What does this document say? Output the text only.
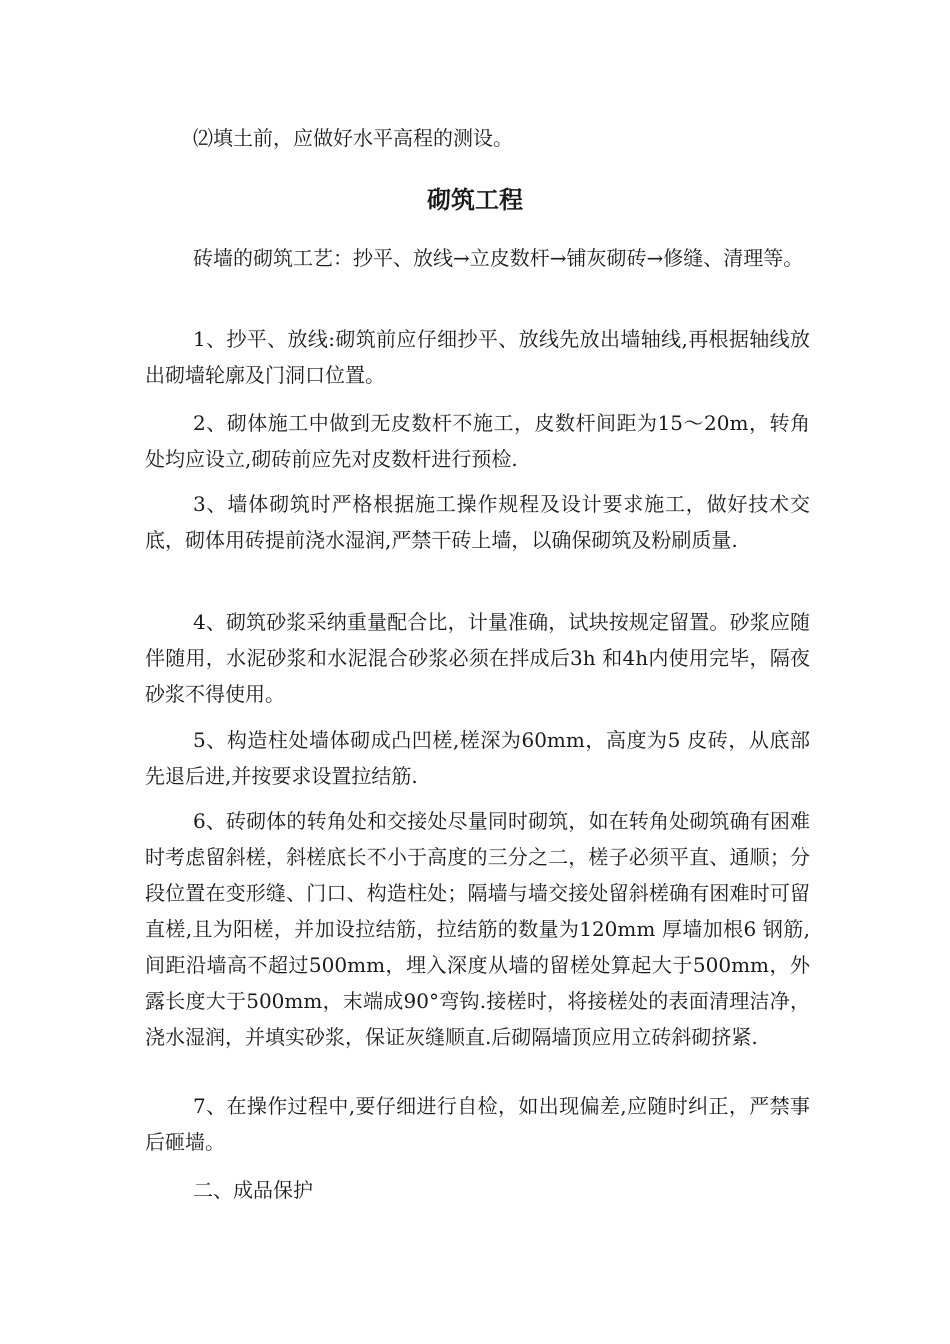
⑵填土前，应做好水平高程的测设。

砌筑工程

砖墙的砌筑工艺：抄平、放线→立皮数杆→铺灰砌砖→修缝、清理等。

1、抄平、放线:砌筑前应仔细抄平、放线先放出墙轴线,再根据轴线放出砌墙轮廓及门洞口位置。

2、砌体施工中做到无皮数杆不施工，皮数杆间距为15～20m，转角处均应设立,砌砖前应先对皮数杆进行预检.

3、墙体砌筑时严格根据施工操作规程及设计要求施工，做好技术交底，砌体用砖提前浇水湿润,严禁干砖上墙，以确保砌筑及粉刷质量.

4、砌筑砂浆采纳重量配合比，计量准确，试块按规定留置。砂浆应随伴随用，水泥砂浆和水泥混合砂浆必须在拌成后3h 和4h内使用完毕，隔夜砂浆不得使用。

5、构造柱处墙体砌成凸凹槎,槎深为60mm，高度为5 皮砖，从底部先退后进,并按要求设置拉结筋.

6、砖砌体的转角处和交接处尽量同时砌筑，如在转角处砌筑确有困难时考虑留斜槎，斜槎底长不小于高度的三分之二，槎子必须平直、通顺；分段位置在变形缝、门口、构造柱处；隔墙与墙交接处留斜槎确有困难时可留直槎,且为阳槎，并加设拉结筋，拉结筋的数量为120mm 厚墙加根6 钢筋,间距沿墙高不超过500mm，埋入深度从墙的留槎处算起大于500mm，外露长度大于500mm，末端成90°弯钩.接槎时，将接槎处的表面清理洁净，浇水湿润，并填实砂浆，保证灰缝顺直.后砌隔墙顶应用立砖斜砌挤紧.

7、在操作过程中,要仔细进行自检，如出现偏差,应随时纠正，严禁事后砸墙。

二、成品保护
